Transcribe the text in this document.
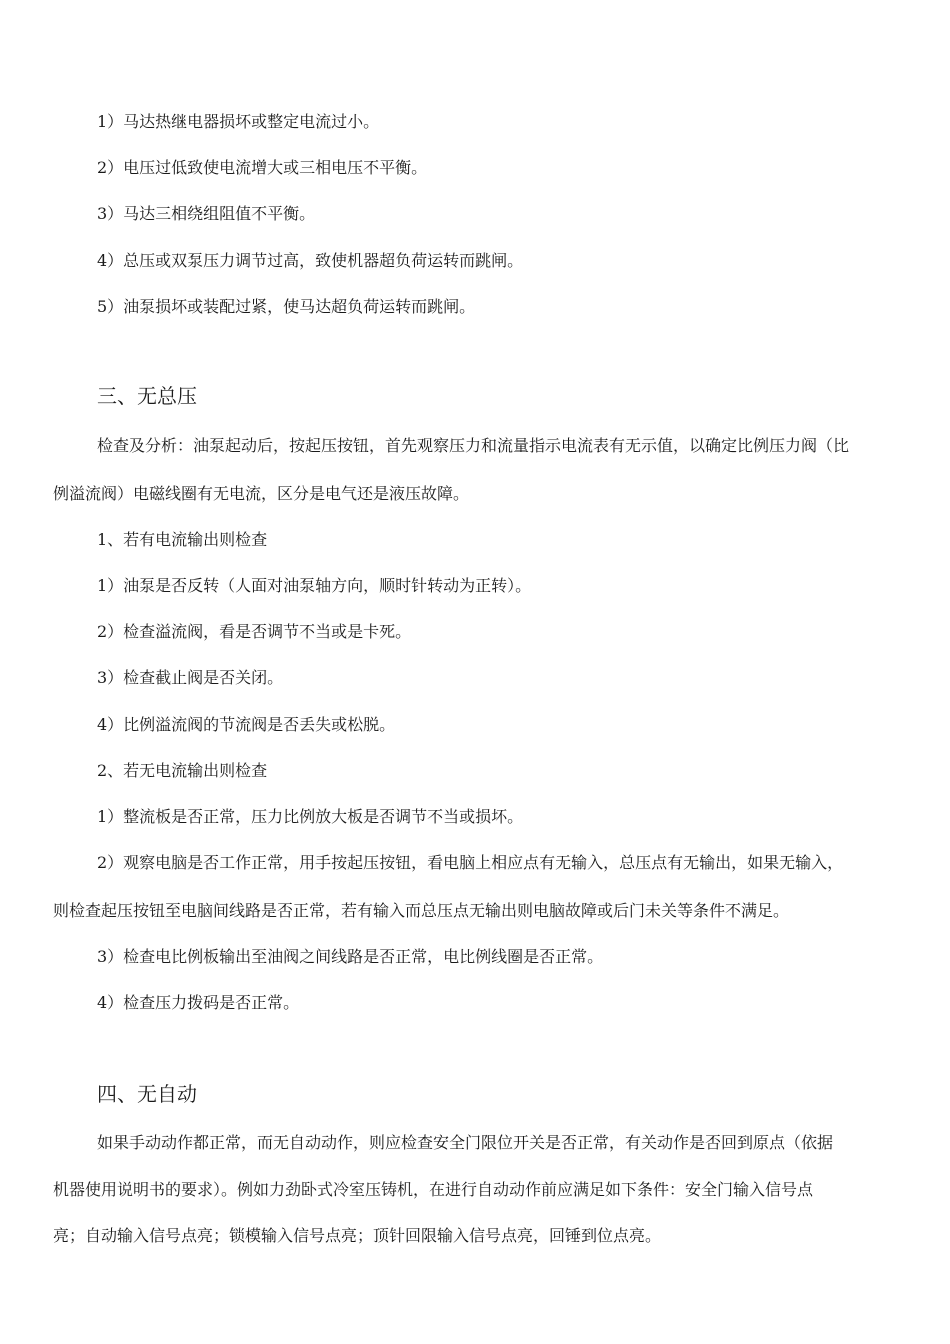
1）马达热继电器损坏或整定电流过小。
2）电压过低致使电流增大或三相电压不平衡。
3）马达三相绕组阻值不平衡。
4）总压或双泵压力调节过高，致使机器超负荷运转而跳闸。
5）油泵损坏或装配过紧，使马达超负荷运转而跳闸。
三、无总压
检查及分析：油泵起动后，按起压按钮，首先观察压力和流量指示电流表有无示值，以确定比例压力阀（比
例溢流阀）电磁线圈有无电流，区分是电气还是液压故障。
1、若有电流输出则检查
1）油泵是否反转（人面对油泵轴方向，顺时针转动为正转）。
2）检查溢流阀，看是否调节不当或是卡死。
3）检查截止阀是否关闭。
4）比例溢流阀的节流阀是否丢失或松脱。
2、若无电流输出则检查
1）整流板是否正常，压力比例放大板是否调节不当或损坏。
2）观察电脑是否工作正常，用手按起压按钮，看电脑上相应点有无输入，总压点有无输出，如果无输入，
则检查起压按钮至电脑间线路是否正常，若有输入而总压点无输出则电脑故障或后门未关等条件不满足。
3）检查电比例板输出至油阀之间线路是否正常，电比例线圈是否正常。
4）检查压力拨码是否正常。
四、无自动
如果手动动作都正常，而无自动动作，则应检查安全门限位开关是否正常，有关动作是否回到原点（依据
机器使用说明书的要求）。例如力劲卧式冷室压铸机，在进行自动动作前应满足如下条件：安全门输入信号点
亮；自动输入信号点亮；锁模输入信号点亮；顶针回限输入信号点亮，回锤到位点亮。
